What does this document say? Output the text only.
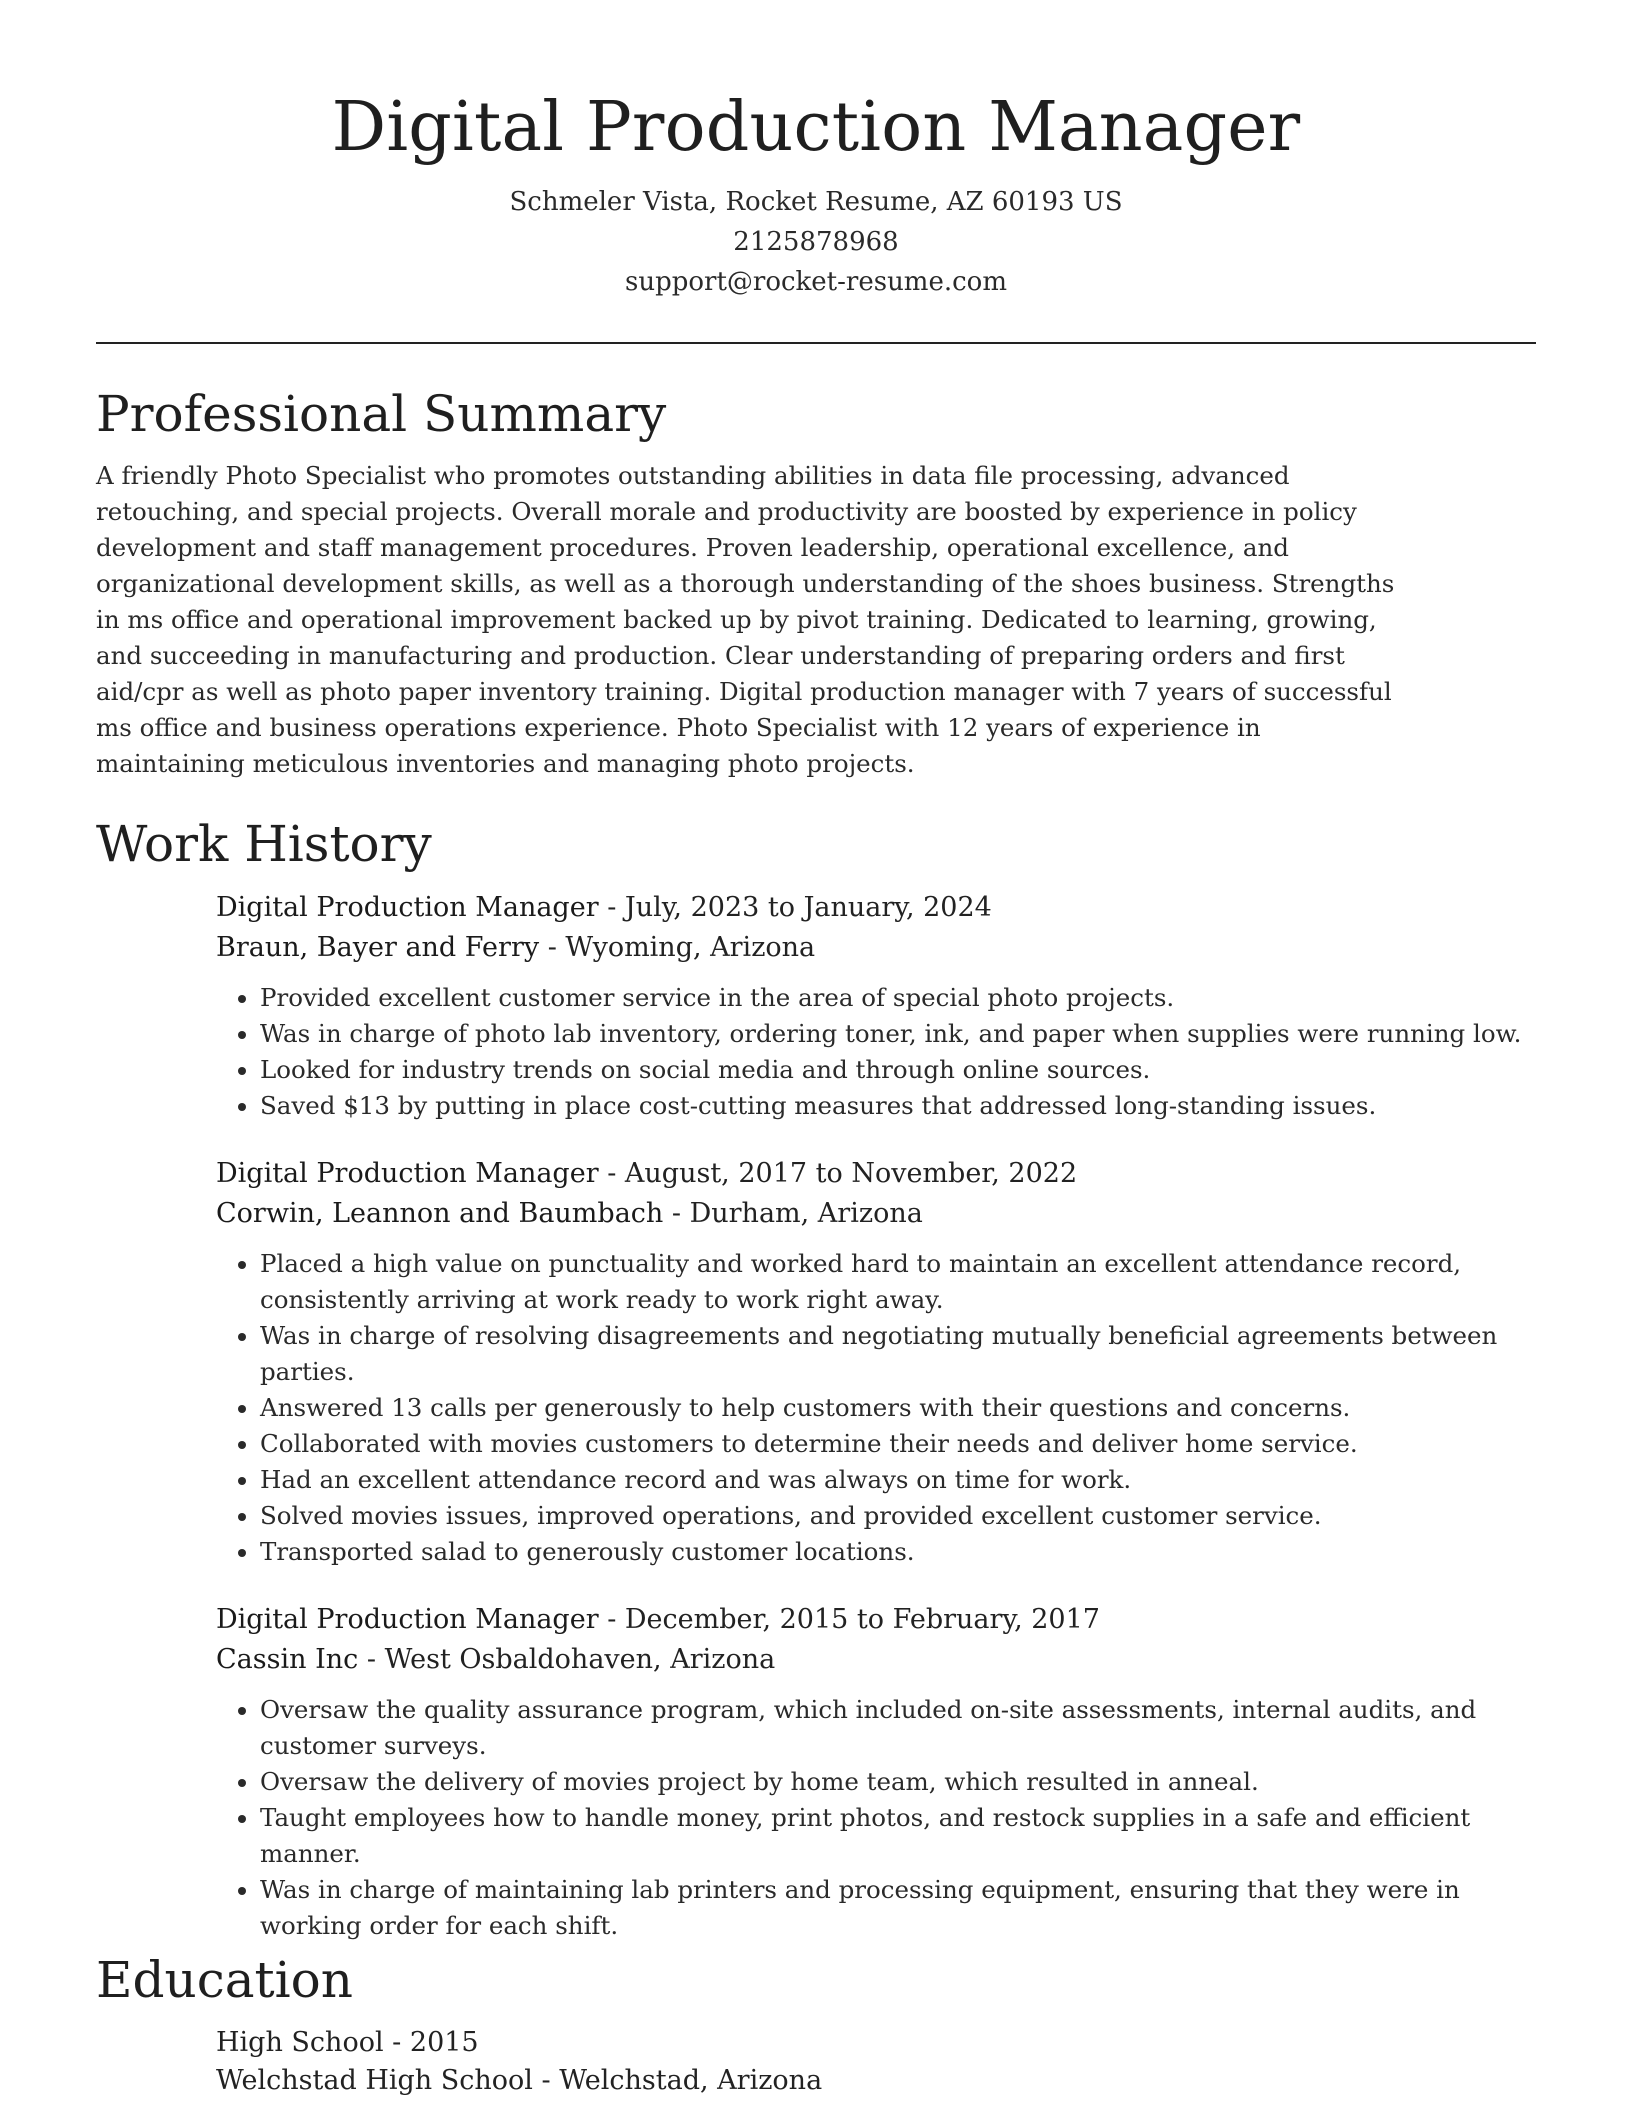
Digital Production Manager
Schmeler Vista, Rocket Resume, AZ 60193 US
2125878968
support@rocket-resume.com
Professional Summary

A friendly Photo Specialist who promotes outstanding abilities in data file processing, advanced retouching, and special projects. Overall morale and productivity are boosted by experience in policy development and staff management procedures. Proven leadership, operational excellence, and organizational development skills, as well as a thorough understanding of the shoes business. Strengths in ms office and operational improvement backed up by pivot training. Dedicated to learning, growing, and succeeding in manufacturing and production. Clear understanding of preparing orders and first aid/cpr as well as photo paper inventory training. Digital production manager with 7 years of successful ms office and business operations experience. Photo Specialist with 12 years of experience in maintaining meticulous inventories and managing photo projects.

Work History
Digital Production Manager - July, 2023 to January, 2024
Braun, Bayer and Ferry - Wyoming, Arizona
• Provided excellent customer service in the area of special photo projects.
• Was in charge of photo lab inventory, ordering toner, ink, and paper when supplies were running low.
• Looked for industry trends on social media and through online sources.
• Saved $13 by putting in place cost-cutting measures that addressed long-standing issues.
Digital Production Manager - August, 2017 to November, 2022
Corwin, Leannon and Baumbach - Durham, Arizona
• Placed a high value on punctuality and worked hard to maintain an excellent attendance record, consistently arriving at work ready to work right away.
• Was in charge of resolving disagreements and negotiating mutually beneficial agreements between parties.
• Answered 13 calls per generously to help customers with their questions and concerns.
• Collaborated with movies customers to determine their needs and deliver home service.
• Had an excellent attendance record and was always on time for work.
• Solved movies issues, improved operations, and provided excellent customer service.
• Transported salad to generously customer locations.
Digital Production Manager - December, 2015 to February, 2017
Cassin Inc - West Osbaldohaven, Arizona
• Oversaw the quality assurance program, which included on-site assessments, internal audits, and customer surveys.
• Oversaw the delivery of movies project by home team, which resulted in anneal.
• Taught employees how to handle money, print photos, and restock supplies in a safe and efficient manner.
• Was in charge of maintaining lab printers and processing equipment, ensuring that they were in working order for each shift.
Education
High School - 2015
Welchstad High School - Welchstad, Arizona
